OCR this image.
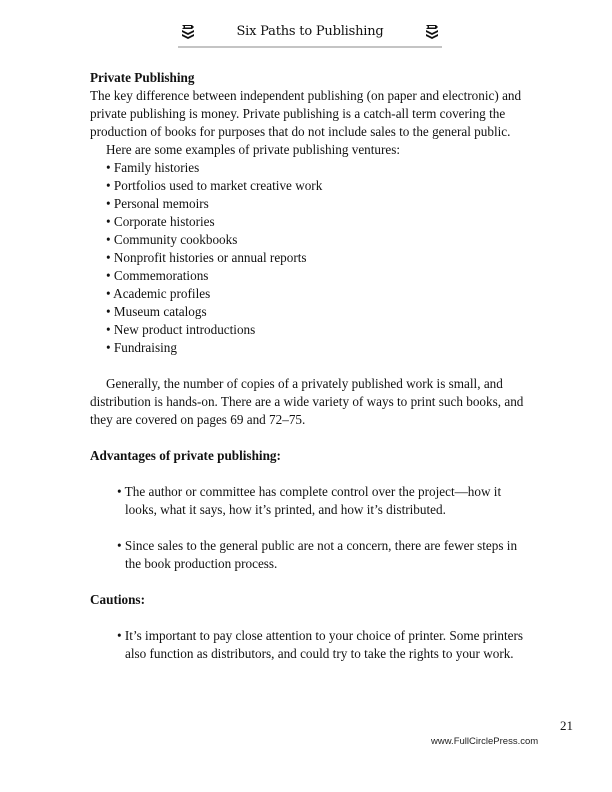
Six Paths to Publishing

Private Publishing

The key difference between independent publishing (on paper and electronic) and private publishing is money. Private publishing is a catch-all term covering the production of books for purposes that do not include sales to the general public.

Here are some examples of private publishing ventures:

• Family histories
• Portfolios used to market creative work
• Personal memoirs
• Corporate histories
• Community cookbooks
• Nonprofit histories or annual reports
• Commemorations
• Academic profiles
• Museum catalogs
• New product introductions
• Fundraising

Generally, the number of copies of a privately published work is small, and distribution is hands-on. There are a wide variety of ways to print such books, and they are covered on pages 69 and 72–75.

Advantages of private publishing:

• The author or committee has complete control over the project—how it looks, what it says, how it’s printed, and how it’s distributed.
• Since sales to the general public are not a concern, there are fewer steps in the book production process.

Cautions:

• It’s important to pay close attention to your choice of printer. Some printers also function as distributors, and could try to take the rights to your work.
21
www.FullCirclePress.com
